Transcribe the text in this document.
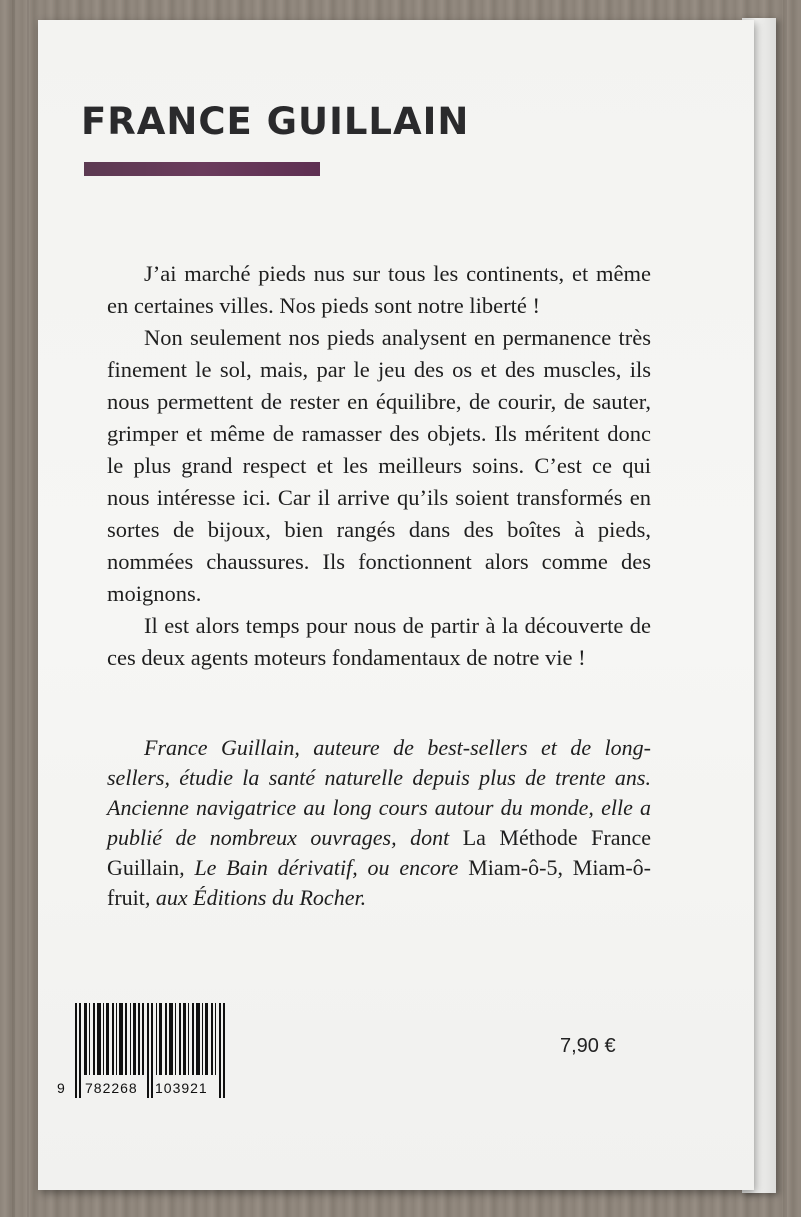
FRANCE GUILLAIN

J’ai marché pieds nus sur tous les continents, et même en certaines villes. Nos pieds sont notre liberté !

Non seulement nos pieds analysent en permanence très finement le sol, mais, par le jeu des os et des muscles, ils nous permettent de rester en équilibre, de courir, de sauter, grimper et même de ramasser des objets. Ils méritent donc le plus grand respect et les meilleurs soins. C’est ce qui nous intéresse ici. Car il arrive qu’ils soient transformés en sortes de bijoux, bien rangés dans des boîtes à pieds, nommées chaussures. Ils fonctionnent alors comme des moignons.

Il est alors temps pour nous de partir à la découverte de ces deux agents moteurs fondamentaux de notre vie !

France Guillain, auteure de best-sellers et de long-sellers, étudie la santé naturelle depuis plus de trente ans. Ancienne navigatrice au long cours autour du monde, elle a publié de nombreux ouvrages, dont La Méthode France Guillain, Le Bain dérivatif, ou encore Miam-ô-5, Miam-ô-fruit, aux Éditions du Rocher.

9 782268 103921
7,90 €
